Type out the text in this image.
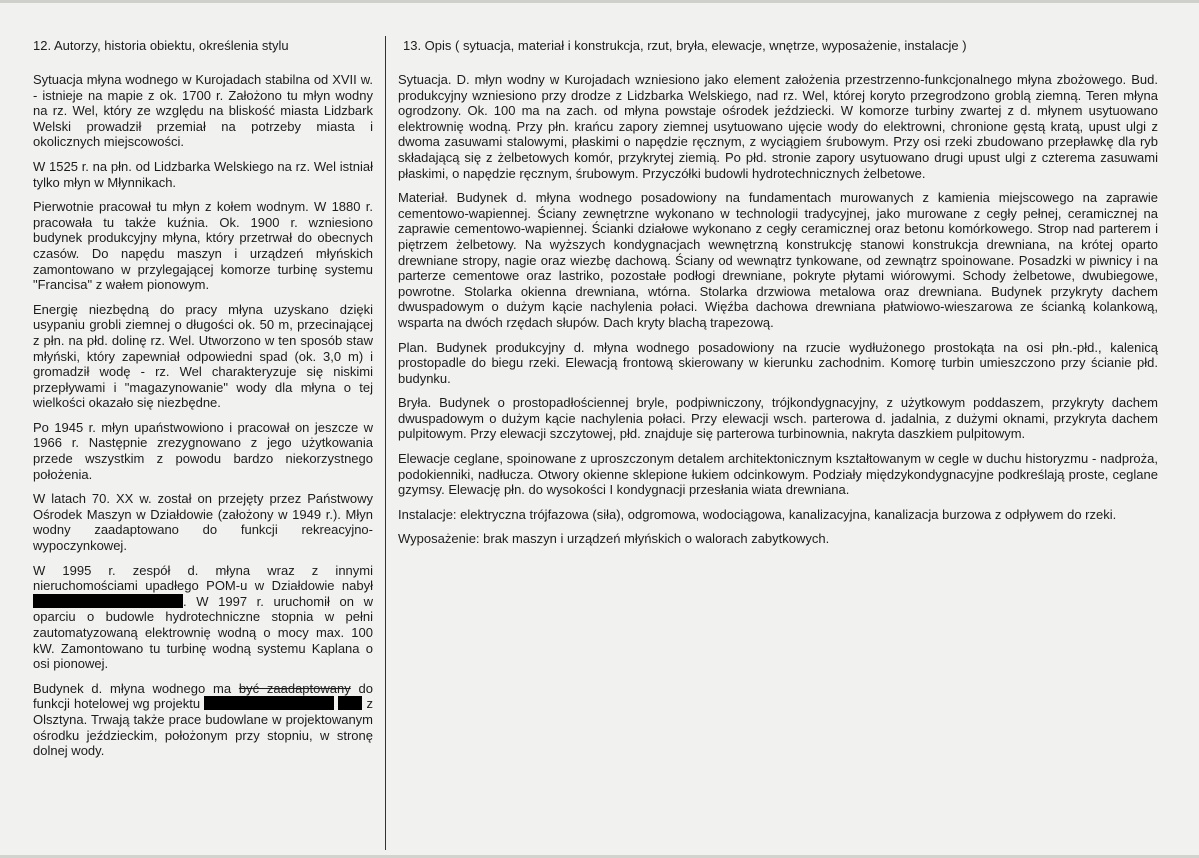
12. Autorzy, historia obiektu, określenia stylu

Sytuacja młyna wodnego w Kurojadach stabilna od XVII w. - istnieje na mapie z ok. 1700 r. Założono tu młyn wodny na rz. Wel, który ze względu na bliskość miasta Lidzbark Welski prowadził przemiał na potrzeby miasta i okolicznych miejscowości.

W 1525 r. na płn. od Lidzbarka Welskiego na rz. Wel istniał tylko młyn w Młynnikach.

Pierwotnie pracował tu młyn z kołem wodnym. W 1880 r. pracowała tu także kuźnia. Ok. 1900 r. wzniesiono budynek produkcyjny młyna, który przetrwał do obecnych czasów. Do napędu maszyn i urządzeń młyńskich zamontowano w przylegającej komorze turbinę systemu "Francisa" z wałem pionowym.

Energię niezbędną do pracy młyna uzyskano dzięki usypaniu grobli ziemnej o długości ok. 50 m, przecinającej z płn. na płd. dolinę rz. Wel. Utworzono w ten sposób staw młyński, który zapewniał odpowiedni spad (ok. 3,0 m) i gromadził wodę - rz. Wel charakteryzuje się niskimi przepływami i "magazynowanie" wody dla młyna o tej wielkości okazało się niezbędne.

Po 1945 r. młyn upaństwowiono i pracował on jeszcze w 1966 r. Następnie zrezygnowano z jego użytkowania przede wszystkim z powodu bardzo niekorzystnego położenia.

W latach 70. XX w. został on przejęty przez Państwowy Ośrodek Maszyn w Działdowie (założony w 1949 r.). Młyn wodny zaadaptowano do funkcji rekreacyjno-wypoczynkowej.

W 1995 r. zespół d. młyna wraz z innymi nieruchomościami upadłego POM-u w Działdowie nabył . W 1997 r. uruchomił on w oparciu o budowle hydrotechniczne stopnia w pełni zautomatyzowaną elektrownię wodną o mocy max. 100 kW. Zamontowano tu turbinę wodną systemu Kaplana o osi pionowej.

Budynek d. młyna wodnego ma być zaadaptowany do funkcji hotelowej wg projektu	z Olsztyna. Trwają także prace budowlane w projektowanym ośrodku jeździeckim, położonym przy stopniu, w stronę dolnej wody.

13. Opis ( sytuacja, materiał i konstrukcja, rzut, bryła, elewacje, wnętrze, wyposażenie, instalacje )

Sytuacja. D. młyn wodny w Kurojadach wzniesiono jako element założenia przestrzenno-funkcjonalnego młyna zbożowego. Bud. produkcyjny wzniesiono przy drodze z Lidzbarka Welskiego, nad rz. Wel, której koryto przegrodzono groblą ziemną. Teren młyna ogrodzony. Ok. 100 ma na zach. od młyna powstaje ośrodek jeździecki. W komorze turbiny zwartej z d. młynem usytuowano elektrownię wodną. Przy płn. krańcu zapory ziemnej usytuowano ujęcie wody do elektrowni, chronione gęstą kratą, upust ulgi z dwoma zasuwami stalowymi, płaskimi o napędzie ręcznym, z wyciągiem śrubowym. Przy osi rzeki zbudowano przepławkę dla ryb składającą się z żelbetowych komór, przykrytej ziemią. Po płd. stronie zapory usytuowano drugi upust ulgi z czterema zasuwami płaskimi, o napędzie ręcznym, śrubowym. Przyczółki budowli hydrotechnicznych żelbetowe.

Materiał. Budynek d. młyna wodnego posadowiony na fundamentach murowanych z kamienia miejscowego na zaprawie cementowo-wapiennej. Ściany zewnętrzne wykonano w technologii tradycyjnej, jako murowane z cegły pełnej, ceramicznej na zaprawie cementowo-wapiennej. Ścianki działowe wykonano z cegły ceramicznej oraz betonu komórkowego. Strop nad parterem i piętrzem żelbetowy. Na wyższych kondygnacjach wewnętrzną konstrukcję stanowi konstrukcja drewniana, na krótej oparto drewniane stropy, nagie oraz wiezbę dachową. Ściany od wewnątrz tynkowane, od zewnątrz spoinowane. Posadzki w piwnicy i na parterze cementowe oraz lastriko, pozostałe podłogi drewniane, pokryte płytami wiórowymi. Schody żelbetowe, dwubiegowe, powrotne. Stolarka okienna drewniana, wtórna. Stolarka drzwiowa metalowa oraz drewniana. Budynek przykryty dachem dwuspadowym o dużym kącie nachylenia połaci. Więźba dachowa drewniana płatwiowo-wieszarowa ze ścianką kolankową, wsparta na dwóch rzędach słupów. Dach kryty blachą trapezową.

Plan. Budynek produkcyjny d. młyna wodnego posadowiony na rzucie wydłużonego prostokąta na osi płn.-płd., kalenicą prostopadle do biegu rzeki. Elewacją frontową skierowany w kierunku zachodnim. Komorę turbin umieszczono przy ścianie płd. budynku.

Bryła. Budynek o prostopadłościennej bryle, podpiwniczony, trójkondygnacyjny, z użytkowym poddaszem, przykryty dachem dwuspadowym o dużym kącie nachylenia połaci. Przy elewacji wsch. parterowa d. jadalnia, z dużymi oknami, przykryta dachem pulpitowym. Przy elewacji szczytowej, płd. znajduje się parterowa turbinownia, nakryta daszkiem pulpitowym.

Elewacje ceglane, spoinowane z uproszczonym detalem architektonicznym kształtowanym w cegle w duchu historyzmu - nadproża, podokienniki, nadłucza. Otwory okienne sklepione łukiem odcinkowym. Podziały międzykondygnacyjne podkreślają proste, ceglane gzymsy. Elewację płn. do wysokości I kondygnacji przesłania wiata drewniana.

Instalacje: elektryczna trójfazowa (siła), odgromowa, wodociągowa, kanalizacyjna, kanalizacja burzowa z odpływem do rzeki.

Wyposażenie: brak maszyn i urządzeń młyńskich o walorach zabytkowych.
